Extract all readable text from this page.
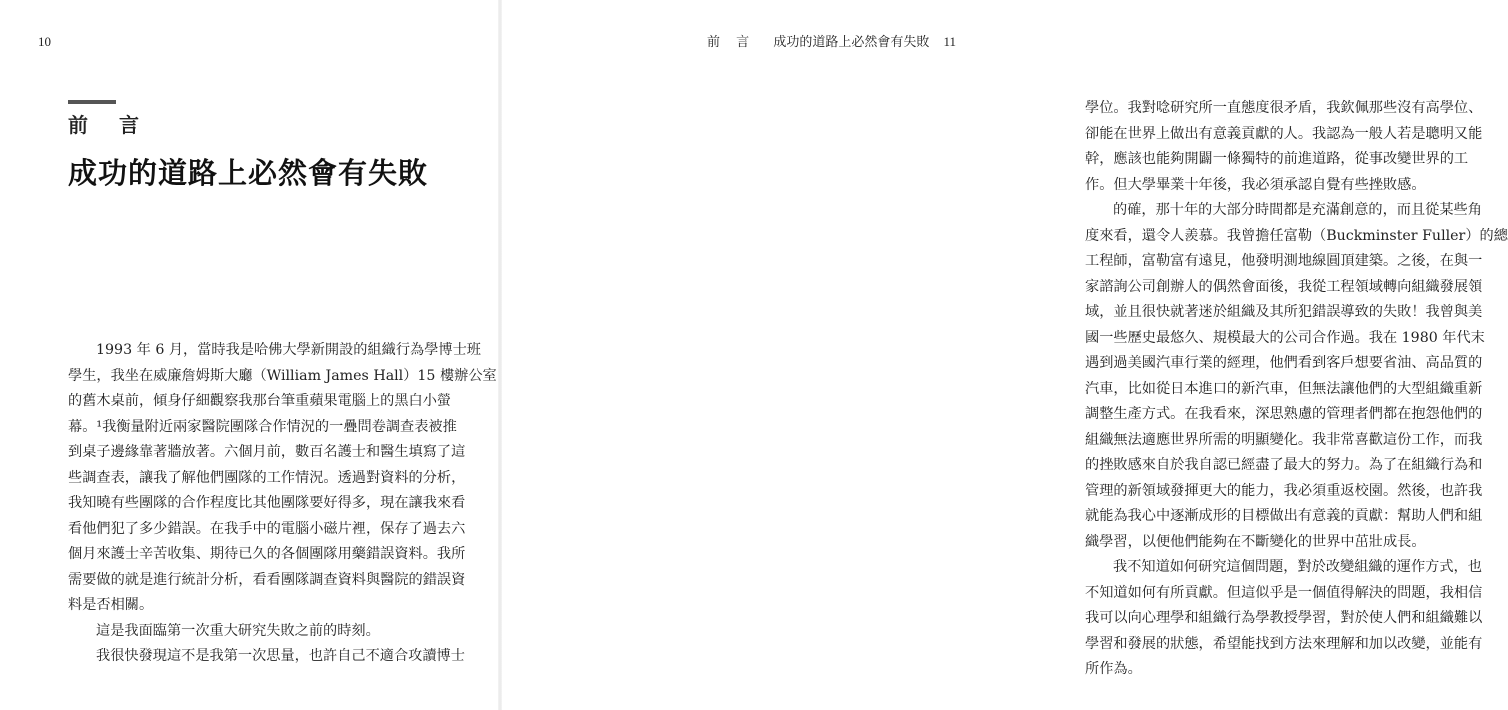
10
前 言
成功的道路上必然會有失敗
1993 年 6 月，當時我是哈佛大學新開設的組織行為學博士班
學生，我坐在威廉詹姆斯大廳（William James Hall）15 樓辦公室
的舊木桌前，傾身仔細觀察我那台筆重蘋果電腦上的黑白小螢
幕。¹我衡量附近兩家醫院團隊合作情況的一疊問卷調查表被推
到桌子邊緣靠著牆放著。六個月前，數百名護士和醫生填寫了這
些調查表，讓我了解他們團隊的工作情況。透過對資料的分析，
我知曉有些團隊的合作程度比其他團隊要好得多，現在讓我來看
看他們犯了多少錯誤。在我手中的電腦小磁片裡，保存了過去六
個月來護士辛苦收集、期待已久的各個團隊用藥錯誤資料。我所
需要做的就是進行統計分析，看看團隊調查資料與醫院的錯誤資
料是否相關。
這是我面臨第一次重大研究失敗之前的時刻。
我很快發現這不是我第一次思量，也許自己不適合攻讀博士
前 言 成功的道路上必然會有失敗 11
學位。我對唸研究所一直態度很矛盾，我欽佩那些沒有高學位、
卻能在世界上做出有意義貢獻的人。我認為一般人若是聰明又能
幹，應該也能夠開闢一條獨特的前進道路，從事改變世界的工
作。但大學畢業十年後，我必須承認自覺有些挫敗感。
的確，那十年的大部分時間都是充滿創意的，而且從某些角
度來看，還令人羨慕。我曾擔任富勒（Buckminster Fuller）的總
工程師，富勒富有遠見，他發明測地線圓頂建築。之後，在與一
家諮詢公司創辦人的偶然會面後，我從工程領域轉向組織發展領
域，並且很快就著迷於組織及其所犯錯誤導致的失敗！我曾與美
國一些歷史最悠久、規模最大的公司合作過。我在 1980 年代末
遇到過美國汽車行業的經理，他們看到客戶想要省油、高品質的
汽車，比如從日本進口的新汽車，但無法讓他們的大型組織重新
調整生產方式。在我看來，深思熟慮的管理者們都在抱怨他們的
組織無法適應世界所需的明顯變化。我非常喜歡這份工作，而我
的挫敗感來自於我自認已經盡了最大的努力。為了在組織行為和
管理的新領域發揮更大的能力，我必須重返校園。然後，也許我
就能為我心中逐漸成形的目標做出有意義的貢獻：幫助人們和組
織學習，以便他們能夠在不斷變化的世界中茁壯成長。
我不知道如何研究這個問題，對於改變組織的運作方式，也
不知道如何有所貢獻。但這似乎是一個值得解決的問題，我相信
我可以向心理學和組織行為學教授學習，對於使人們和組織難以
學習和發展的狀態，希望能找到方法來理解和加以改變，並能有
所作為。
